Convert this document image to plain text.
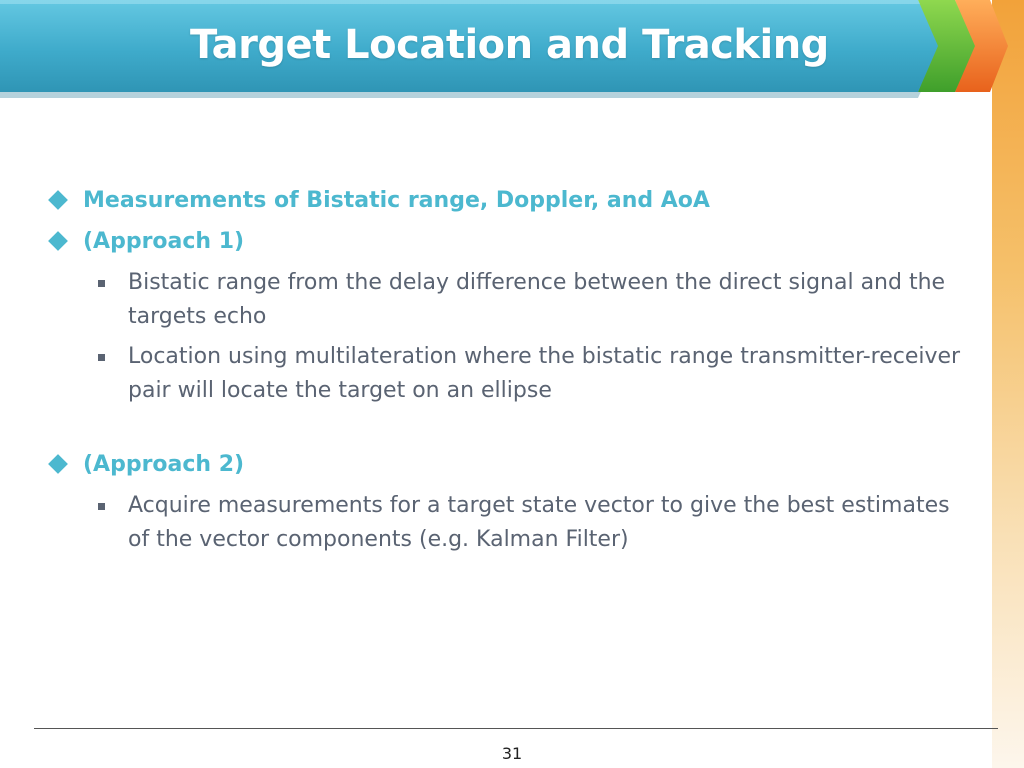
Target Location and Tracking
Measurements of Bistatic range, Doppler, and AoA
(Approach 1)
Bistatic range from the delay difference between the direct signal and the targets echo
Location using multilateration where the bistatic range transmitter-receiver pair will locate the target on an ellipse
(Approach 2)
Acquire measurements for a target state vector to give the best estimates of the vector components (e.g. Kalman Filter)
31
